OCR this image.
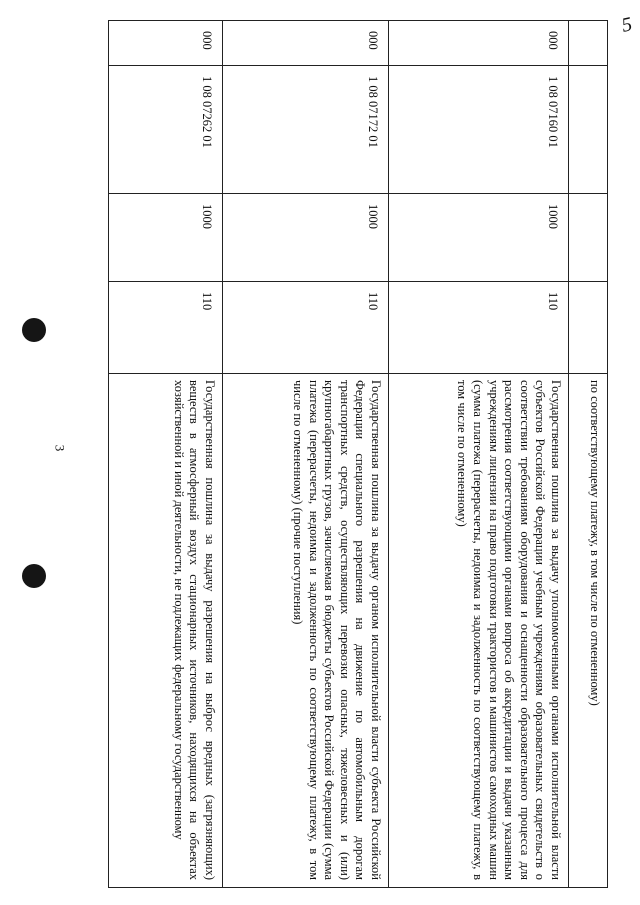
3
5
по соответствующему платежу, в том числе по отмененному)
000
1 08 07160 01
1000
110
Государственная пошлина за выдачу уполномоченными органами исполнительной власти субъектов Российской Федерации учебным учреждениям образовательных свидетельств о соответствии требованиям оборудования и оснащенности образовательного процесса для рассмотрения соответствующими органами вопроса об аккредитации и выдачи указанным учреждениям лицензии на право подготовки трактористов и машинистов самоходных машин (сумма платежа (перерасчеты, недоимка и задолженность по соответствующему платежу, в том числе по отмененному)
000
1 08 07172 01
1000
110
Государственная пошлина за выдачу органом исполнительной власти субъекта Российской Федерации специального разрешения на движение по автомобильным дорогам транспортных средств, осуществляющих перевозки опасных, тяжеловесных и (или) крупногабаритных грузов, зачисляемая в бюджеты субъектов Российской Федерации (сумма платежа (перерасчеты, недоимка и задолженность по соответствующему платежу, в том числе по отмененному) (прочие поступления)
000
1 08 07262 01
1000
110
Государственная пошлина за выдачу разрешения на выброс вредных (загрязняющих) веществ в атмосферный воздух стационарных источников, находящихся на объектах хозяйственной и иной деятельности, не подлежащих федеральному государственному
